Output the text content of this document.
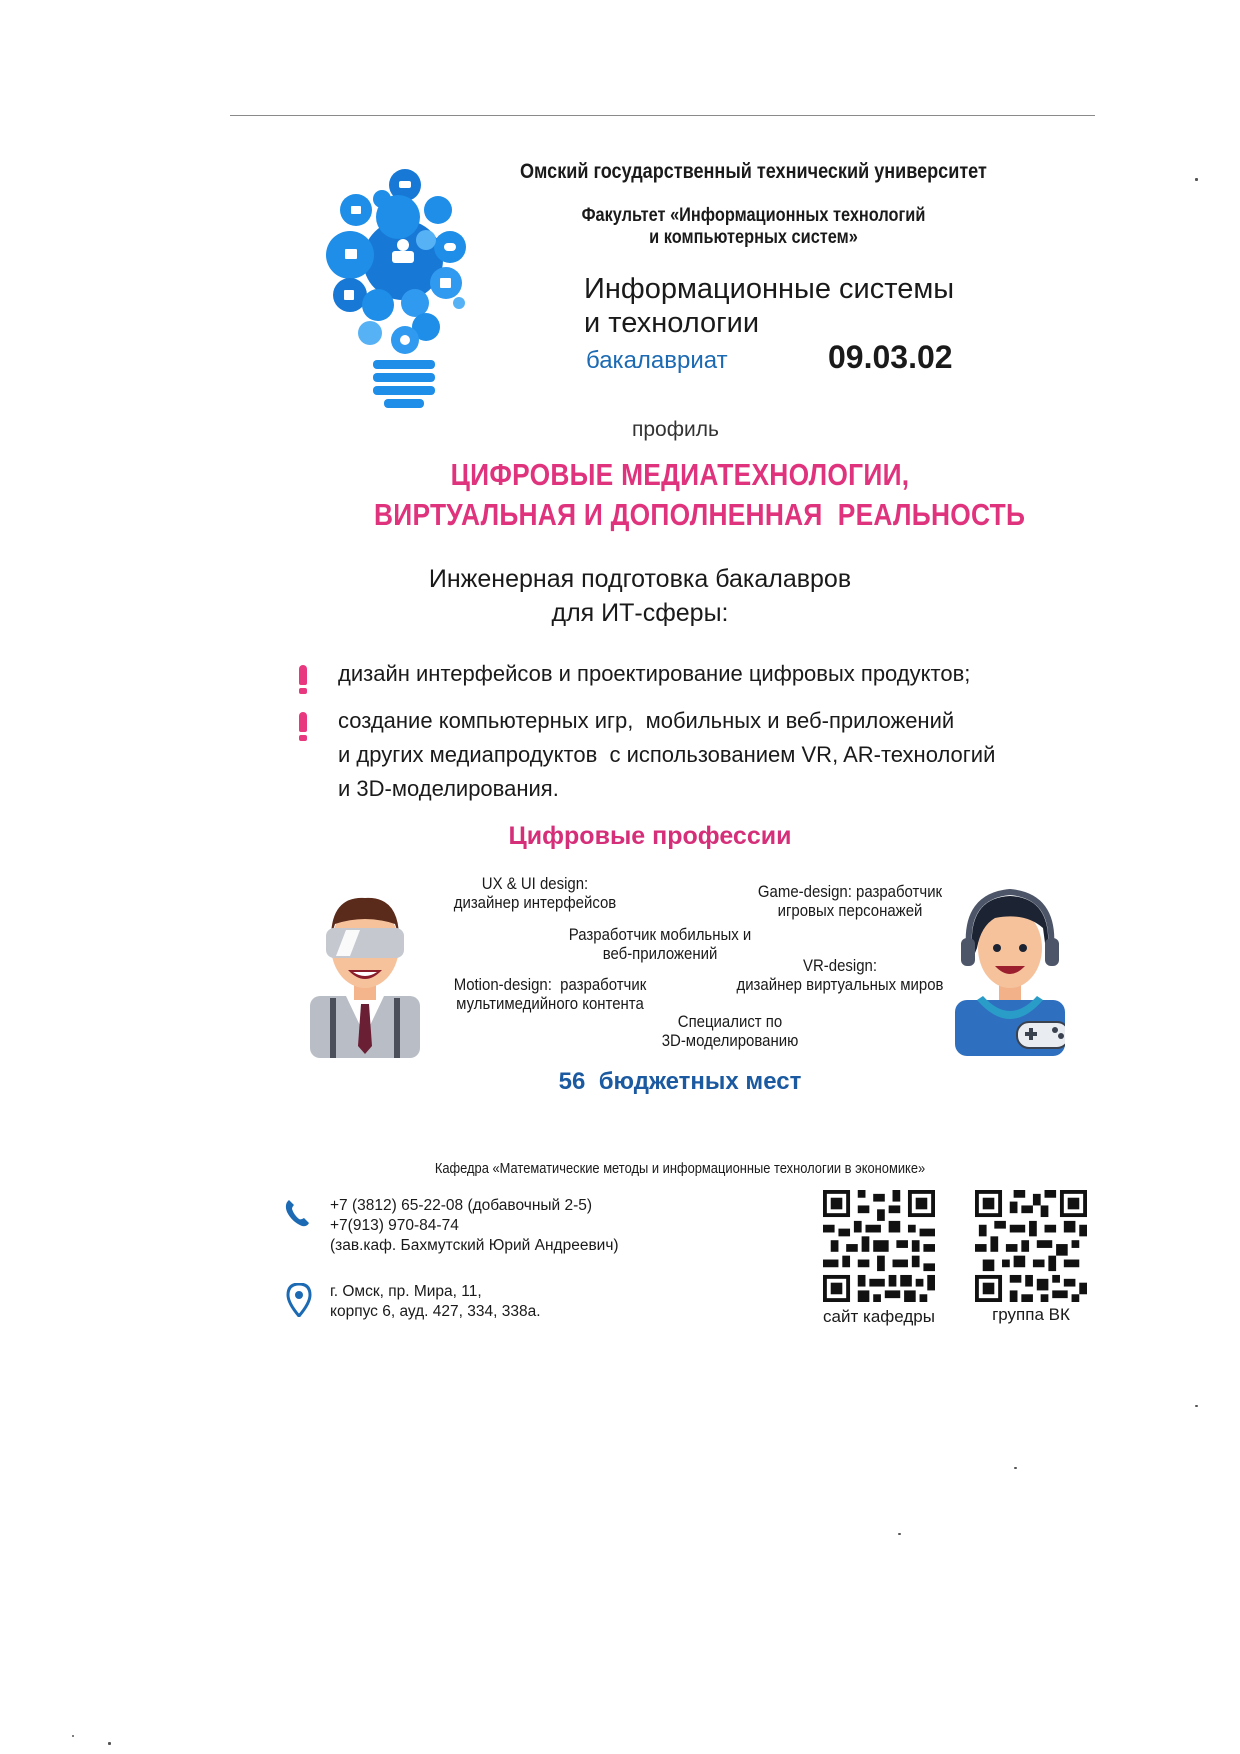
Омский государственный технический университет
Факультет «Информационных технологий
и компьютерных систем»
Информационные системы
и технологии
бакалавриат	09.03.02
профиль
ЦИФРОВЫЕ МЕДИАТЕХНОЛОГИИ,
ВИРТУАЛЬНАЯ И ДОПОЛНЕННАЯ  РЕАЛЬНОСТЬ
Инженерная подготовка бакалавров
для ИТ-сферы:
дизайн интерфейсов и проектирование цифровых продуктов;
создание компьютерных игр,  мобильных и веб-приложений
и других медиапродуктов  с использованием VR, AR-технологий
и 3D-моделирования.
Цифровые профессии
UX & UI design:
дизайнер интерфейсов
Game-design: разработчик
игровых персонажей
Разработчик мобильных и
веб-приложений
VR-design:
дизайнер виртуальных миров
Motion-design:  разработчик
мультимедийного контента
Специалист по
3D-моделированию
56  бюджетных мест
Кафедра «Математические методы и информационные технологии в экономике»
+7 (3812) 65-22-08 (добавочный 2-5)
+7(913) 970-84-74
(зав.каф. Бахмутский Юрий Андреевич)
г. Омск, пр. Мира, 11,
корпус 6, ауд. 427, 334, 338а.	сайт кафедры	группа ВК
